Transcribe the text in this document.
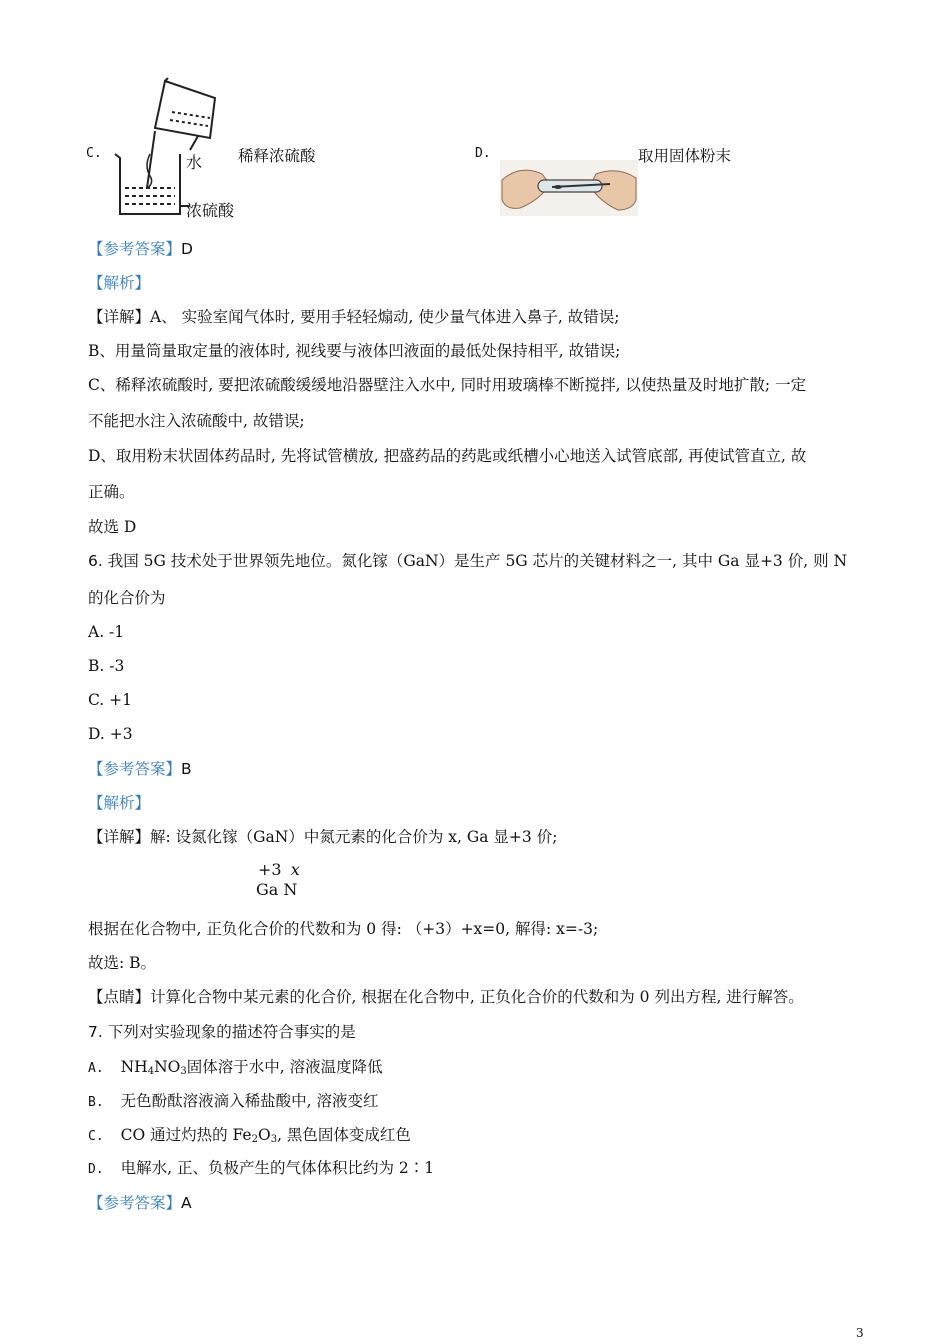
C.	水
浓硫酸
稀释浓硫酸	D.	取用固体粉末
【参考答案】D
【解析】
【详解】A、 实验室闻气体时, 要用手轻轻煽动, 使少量气体进入鼻子, 故错误;
B、用量筒量取定量的液体时, 视线要与液体凹液面的最低处保持相平, 故错误;
C、稀释浓硫酸时, 要把浓硫酸缓缓地沿器壁注入水中, 同时用玻璃棒不断搅拌, 以使热量及时地扩散; 一定
不能把水注入浓硫酸中, 故错误;
D、取用粉末状固体药品时, 先将试管横放, 把盛药品的药匙或纸槽小心地送入试管底部, 再使试管直立, 故
正确。
故选 D
6. 我国 5G 技术处于世界领先地位。氮化镓（GaN）是生产 5G 芯片的关键材料之一, 其中 Ga 显+3 价, 则 N
的化合价为
A. -1
B. -3
C. +1
D. +3
【参考答案】B
【解析】
【详解】解: 设氮化镓（GaN）中氮元素的化合价为 x, Ga 显+3 价;
+3 x
Ga N
根据在化合物中, 正负化合价的代数和为 0 得: （+3）+x=0, 解得: x=-3;
故选: B。
【点睛】计算化合物中某元素的化合价, 根据在化合物中, 正负化合价的代数和为 0 列出方程, 进行解答。
7. 下列对实验现象的描述符合事实的是
A. $NH_4NO_3$固体溶于水中, 溶液温度降低
B. 无色酚酞溶液滴入稀盐酸中, 溶液变红
C. CO 通过灼热的 $Fe_2O_3$, 黑色固体变成红色
D. 电解水, 正、负极产生的气体体积比约为 2∶1
【参考答案】A
3
